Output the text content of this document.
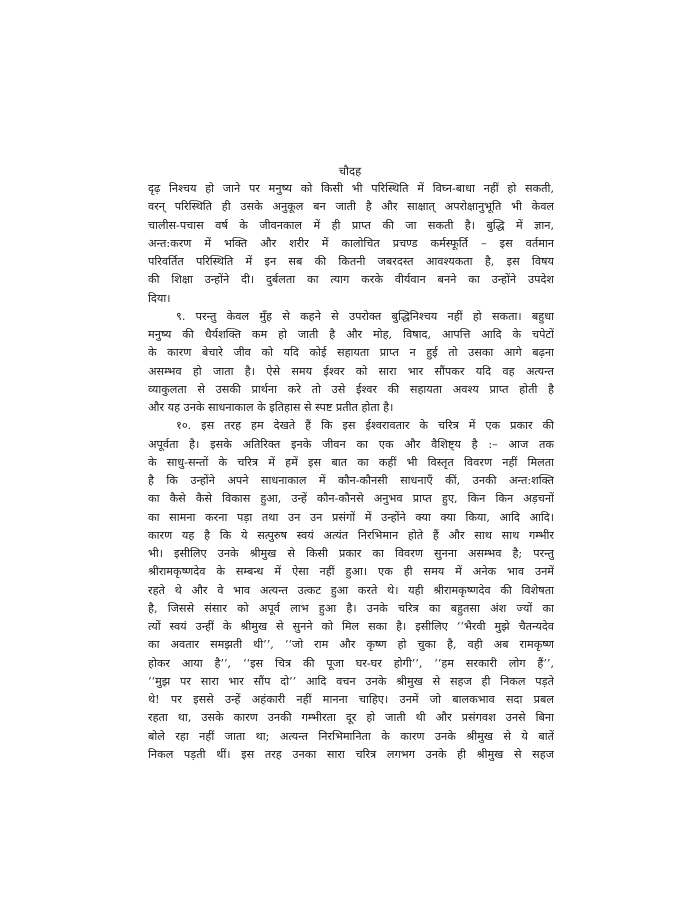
चौदह
दृढ़ निश्चय हो जाने पर मनुष्य को किसी भी परिस्थिति में विघ्न-बाधा नहीं हो सकती,
वरन् परिस्थिति ही उसके अनुकूल बन जाती है और साक्षात् अपरोक्षानुभूति भी केवल
चालीस-पचास वर्ष के जीवनकाल में ही प्राप्त की जा सकती है। बुद्धि में ज्ञान,
अन्त:करण में भक्ति और शरीर में कालोचित प्रचण्ड कर्मस्फूर्ति – इस वर्तमान
परिवर्तित परिस्थिति में इन सब की कितनी जबरदस्त आवश्यकता है, इस विषय
की शिक्षा उन्होंने दी। दुर्बलता का त्याग करके वीर्यवान बनने का उन्होंने उपदेश
दिया।
९. परन्तु केवल मुँह से कहने से उपरोक्त बुद्धिनिश्चय नहीं हो सकता। बहुधा
मनुष्य की धैर्यशक्ति कम हो जाती है और मोह, विषाद, आपत्ति आदि के चपेटों
के कारण बेचारे जीव को यदि कोई सहायता प्राप्त न हुई तो उसका आगे बढ़ना
असम्भव हो जाता है। ऐसे समय ईश्वर को सारा भार सौंपकर यदि वह अत्यन्त
व्याकुलता से उसकी प्रार्थना करे तो उसे ईश्वर की सहायता अवश्य प्राप्त होती है
और यह उनके साधनाकाल के इतिहास से स्पष्ट प्रतीत होता है।
१०. इस तरह हम देखते हैं कि इस ईश्वरावतार के चरित्र में एक प्रकार की
अपूर्वता है। इसके अतिरिक्त इनके जीवन का एक और वैशिष्ट्य है :– आज तक
के साधु-सन्तों के चरित्र में हमें इस बात का कहीं भी विस्तृत विवरण नहीं मिलता
है कि उन्होंने अपने साधनाकाल में कौन-कौनसी साधनाएँ कीं, उनकी अन्त:शक्ति
का कैसे कैसे विकास हुआ, उन्हें कौन-कौनसे अनुभव प्राप्त हुए, किन किन अड़चनों
का सामना करना पड़ा तथा उन उन प्रसंगों में उन्होंने क्या क्या किया, आदि आदि।
कारण यह है कि ये सत्पुरुष स्वयं अत्यंत निरभिमान होते हैं और साथ साथ गम्भीर
भी। इसीलिए उनके श्रीमुख से किसी प्रकार का विवरण सुनना असम्भव है; परन्तु
श्रीरामकृष्णदेव के सम्बन्ध में ऐसा नहीं हुआ। एक ही समय में अनेक भाव उनमें
रहते थे और वे भाव अत्यन्त उत्कट हुआ करते थे। यही श्रीरामकृष्णदेव की विशेषता
है, जिससे संसार को अपूर्व लाभ हुआ है। उनके चरित्र का बहुतसा अंश ज्यों का
त्यों स्वयं उन्हीं के श्रीमुख से सुनने को मिल सका है। इसीलिए ‘‘भैरवी मुझे चैतन्यदेव
का अवतार समझती थी’’, ‘‘जो राम और कृष्ण हो चुका है, वही अब रामकृष्ण
होकर आया है’’, ‘‘इस चित्र की पूजा घर-घर होगी’’, ‘‘हम सरकारी लोग हैं’’,
‘‘मुझ पर सारा भार सौंप दो’’ आदि वचन उनके श्रीमुख से सहज ही निकल पड़ते
थे! पर इससे उन्हें अहंकारी नहीं मानना चाहिए। उनमें जो बालकभाव सदा प्रबल
रहता था, उसके कारण उनकी गम्भीरता दूर हो जाती थी और प्रसंगवश उनसे बिना
बोले रहा नहीं जाता था; अत्यन्त निरभिमानिता के कारण उनके श्रीमुख से ये बातें
निकल पड़ती थीं। इस तरह उनका सारा चरित्र लगभग उनके ही श्रीमुख से सहज
